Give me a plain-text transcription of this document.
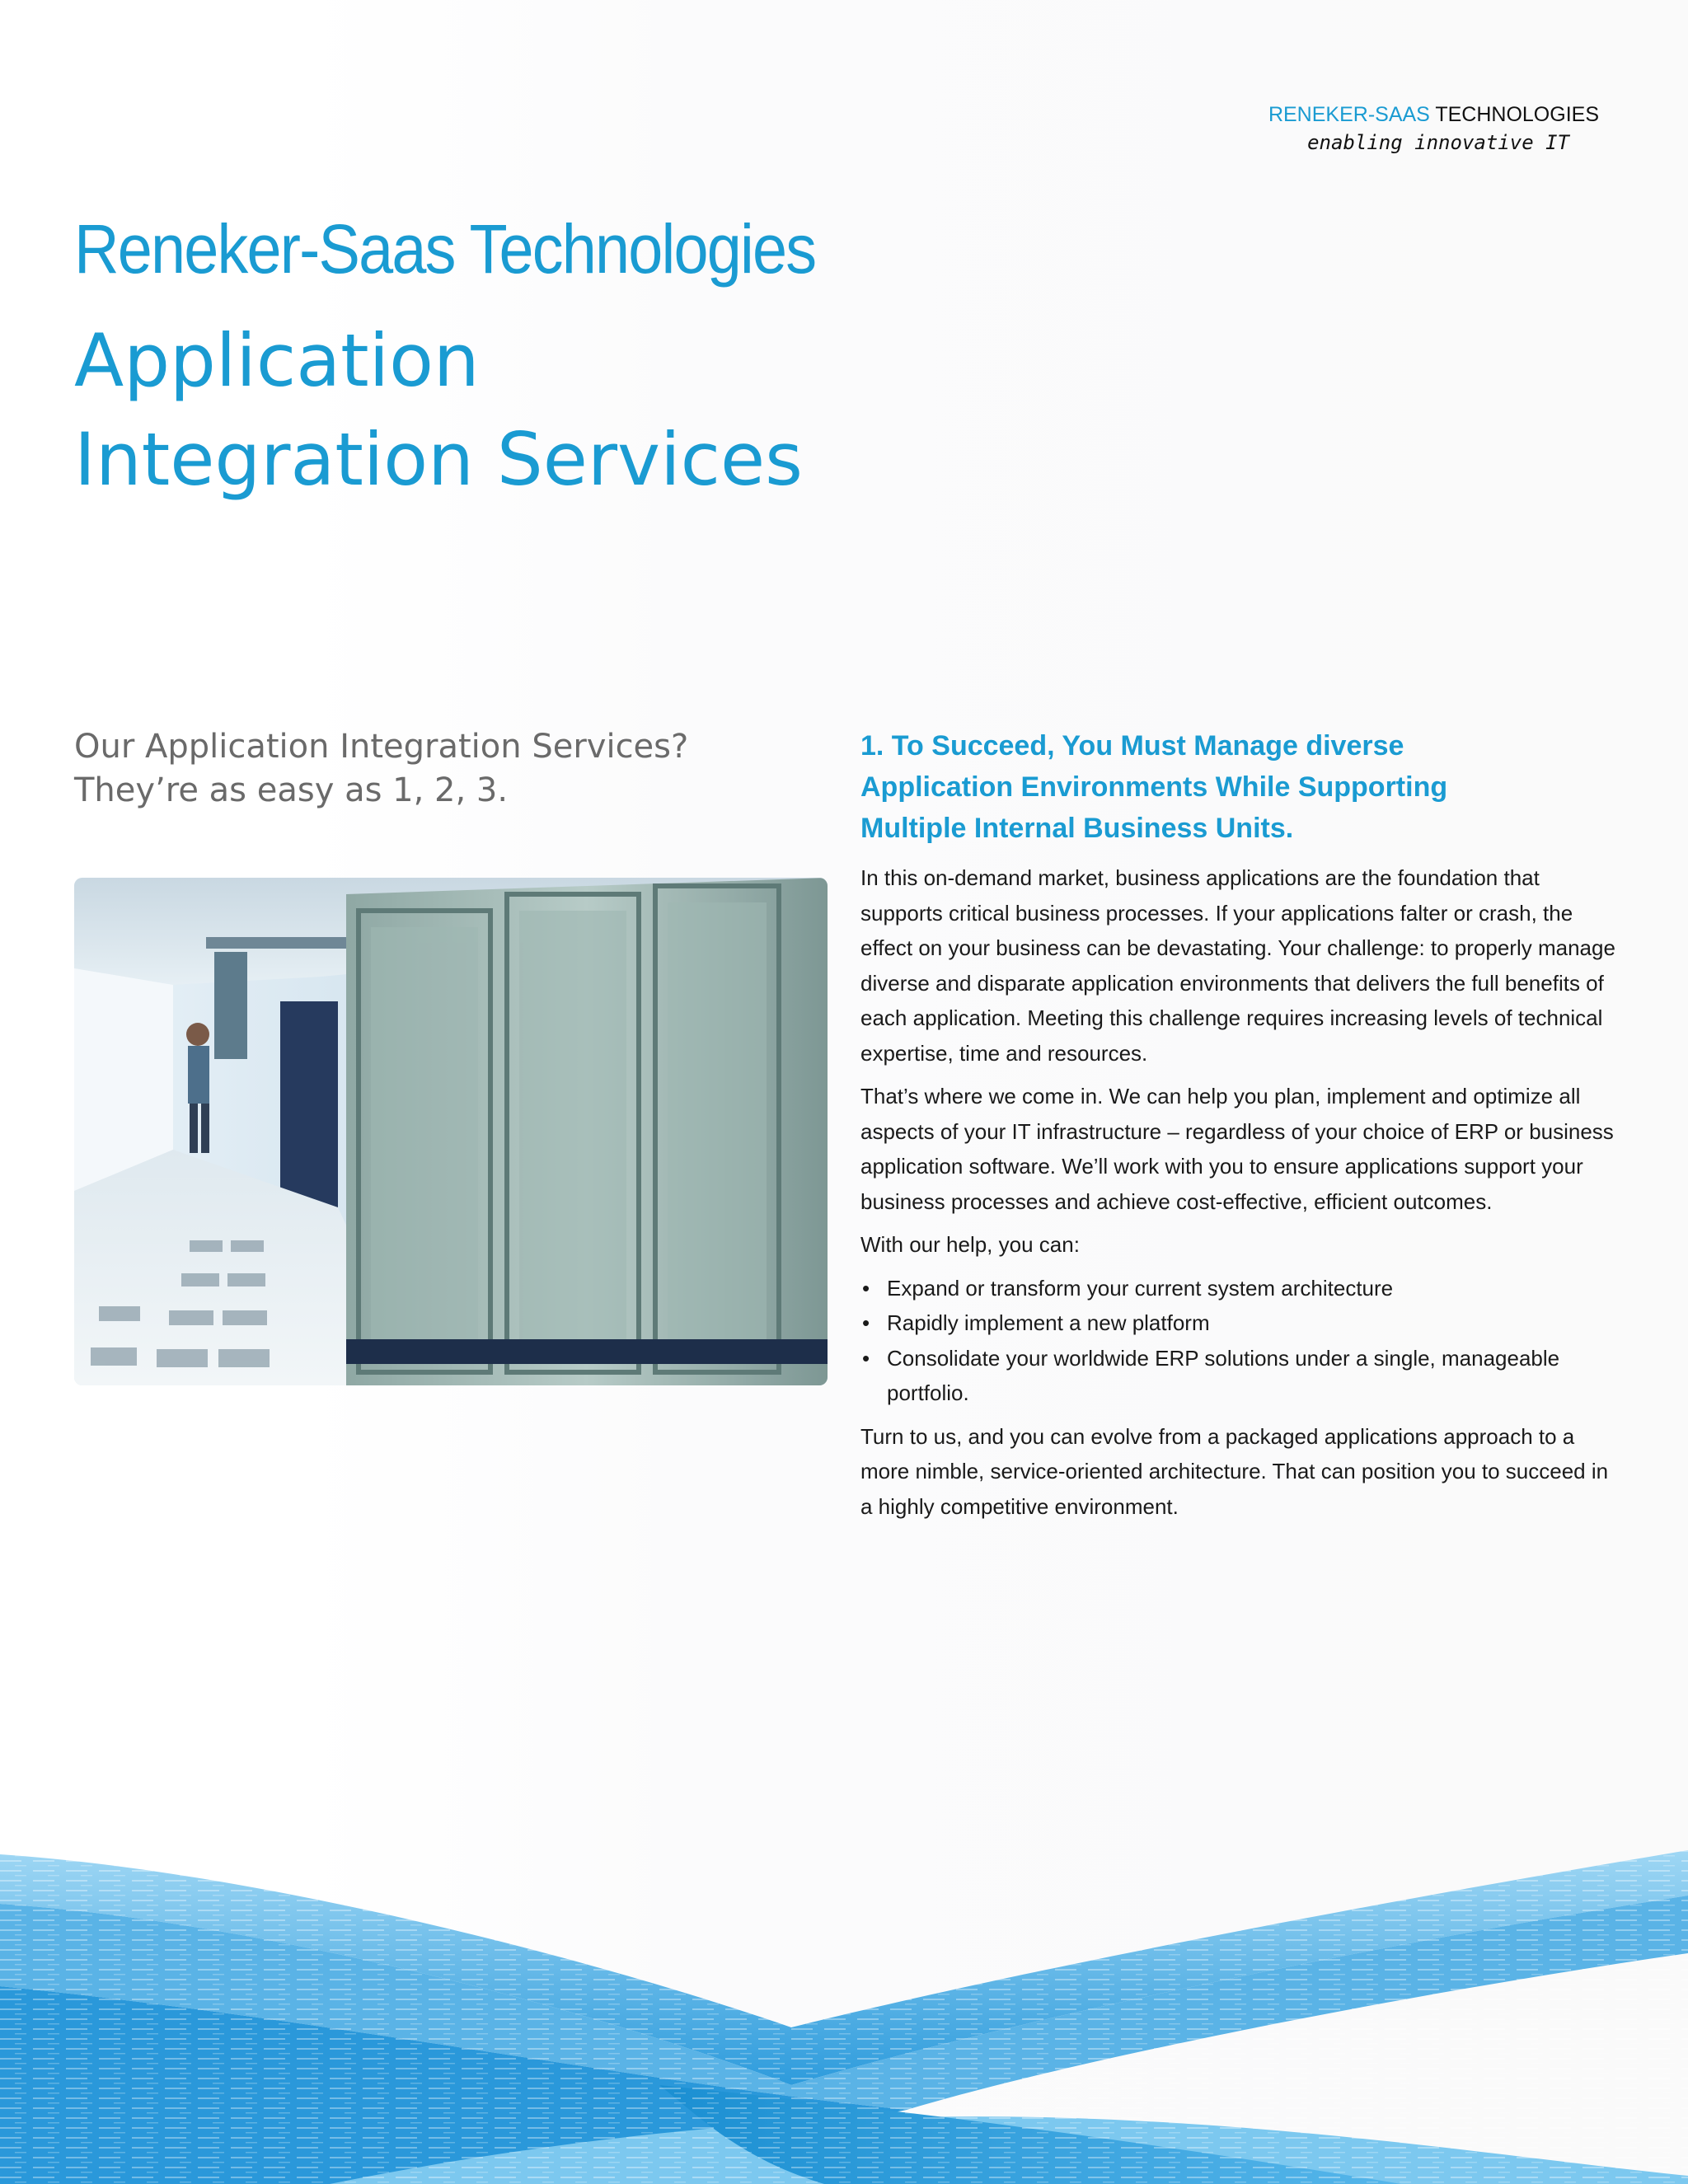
RENEKER-SAAS TECHNOLOGIES
enabling innovative IT
Reneker-Saas Technologies
Application
Integration Services
Our Application Integration Services?
They’re as easy as 1, 2, 3.
1. To Succeed, You Must Manage diverse
Application Environments While Supporting
Multiple Internal Business Units.

In this on-demand market, business applications are the foundation that supports critical business processes. If your applications falter or crash, the effect on your business can be devastating. Your challenge: to properly manage diverse and disparate application environments that delivers the full benefits of each application. Meeting this challenge requires increasing levels of technical expertise, time and resources.

That’s where we come in. We can help you plan, implement and optimize all aspects of your IT infrastructure – regardless of your choice of ERP or business application software. We’ll work with you to ensure applications support your business processes and achieve cost-effective, efficient outcomes.

With our help, you can:

• Expand or transform your current system architecture
• Rapidly implement a new platform
• Consolidate your worldwide ERP solutions under a single, manageable portfolio.

Turn to us, and you can evolve from a packaged applications approach to a more nimble, service-oriented architecture. That can position you to succeed in a highly competitive environment.
